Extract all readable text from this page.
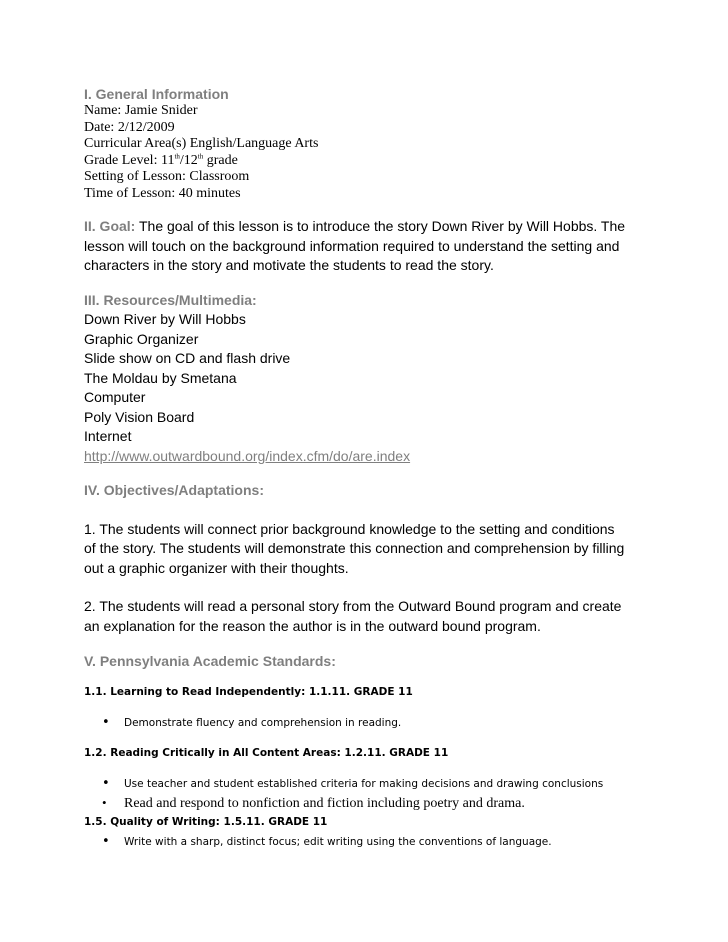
I. General Information
Name: Jamie Snider
Date: 2/12/2009
Curricular Area(s) English/Language Arts
Grade Level: 11th/12th grade
Setting of Lesson: Classroom
Time of Lesson: 40 minutes
II. Goal: The goal of this lesson is to introduce the story Down River by Will Hobbs. The
lesson will touch on the background information required to understand the setting and
characters in the story and motivate the students to read the story.
III. Resources/Multimedia:
Down River by Will Hobbs
Graphic Organizer
Slide show on CD and flash drive
The Moldau by Smetana
Computer
Poly Vision Board
Internet
http://www.outwardbound.org/index.cfm/do/are.index
IV. Objectives/Adaptations:
1. The students will connect prior background knowledge to the setting and conditions
of the story. The students will demonstrate this connection and comprehension by filling
out a graphic organizer with their thoughts.
2. The students will read a personal story from the Outward Bound program and create
an explanation for the reason the author is in the outward bound program.
V. Pennsylvania Academic Standards:
1.1. Learning to Read Independently: 1.1.11. GRADE 11
•	Demonstrate fluency and comprehension in reading.
1.2. Reading Critically in All Content Areas: 1.2.11. GRADE 11
•	Use teacher and student established criteria for making decisions and drawing conclusions
•	Read and respond to nonfiction and fiction including poetry and drama.
1.5. Quality of Writing: 1.5.11. GRADE 11
•	Write with a sharp, distinct focus; edit writing using the conventions of language.
